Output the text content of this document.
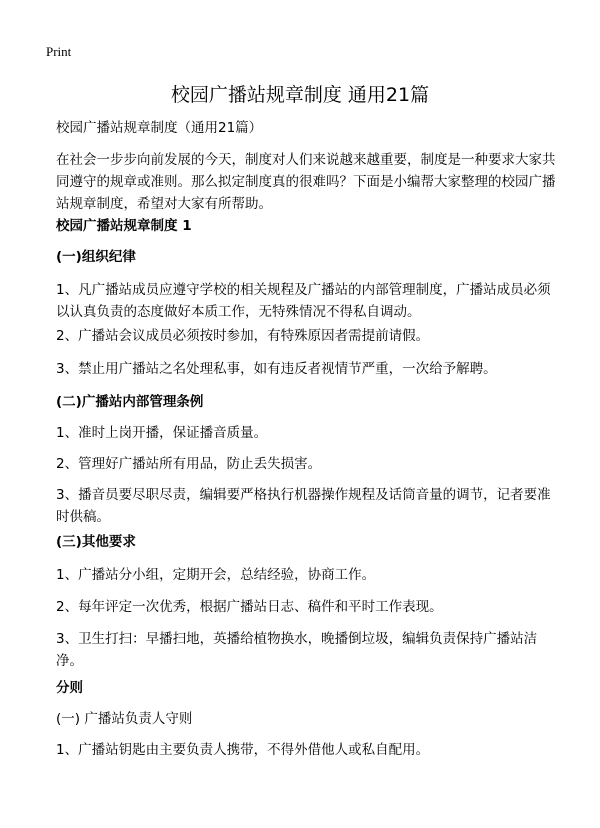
Print
校园广播站规章制度 通用21篇

校园广播站规章制度（通用21篇）

在社会一步步向前发展的今天，制度对人们来说越来越重要，制度是一种要求大家共同遵守的规章或准则。那么拟定制度真的很难吗？下面是小编帮大家整理的校园广播站规章制度，希望对大家有所帮助。

校园广播站规章制度 1

(一)组织纪律

1、凡广播站成员应遵守学校的相关规程及广播站的内部管理制度，广播站成员必须以认真负责的态度做好本质工作，无特殊情况不得私自调动。

2、广播站会议成员必须按时参加，有特殊原因者需提前请假。

3、禁止用广播站之名处理私事，如有违反者视情节严重，一次给予解聘。

(二)广播站内部管理条例

1、准时上岗开播，保证播音质量。

2、管理好广播站所有用品，防止丢失损害。

3、播音员要尽职尽责，编辑要严格执行机器操作规程及话筒音量的调节，记者要准时供稿。

(三)其他要求

1、广播站分小组，定期开会，总结经验，协商工作。

2、每年评定一次优秀，根据广播站日志、稿件和平时工作表现。

3、卫生打扫：早播扫地，英播给植物换水，晚播倒垃圾，编辑负责保持广播站洁净。

分则

(一) 广播站负责人守则

1、广播站钥匙由主要负责人携带，不得外借他人或私自配用。
